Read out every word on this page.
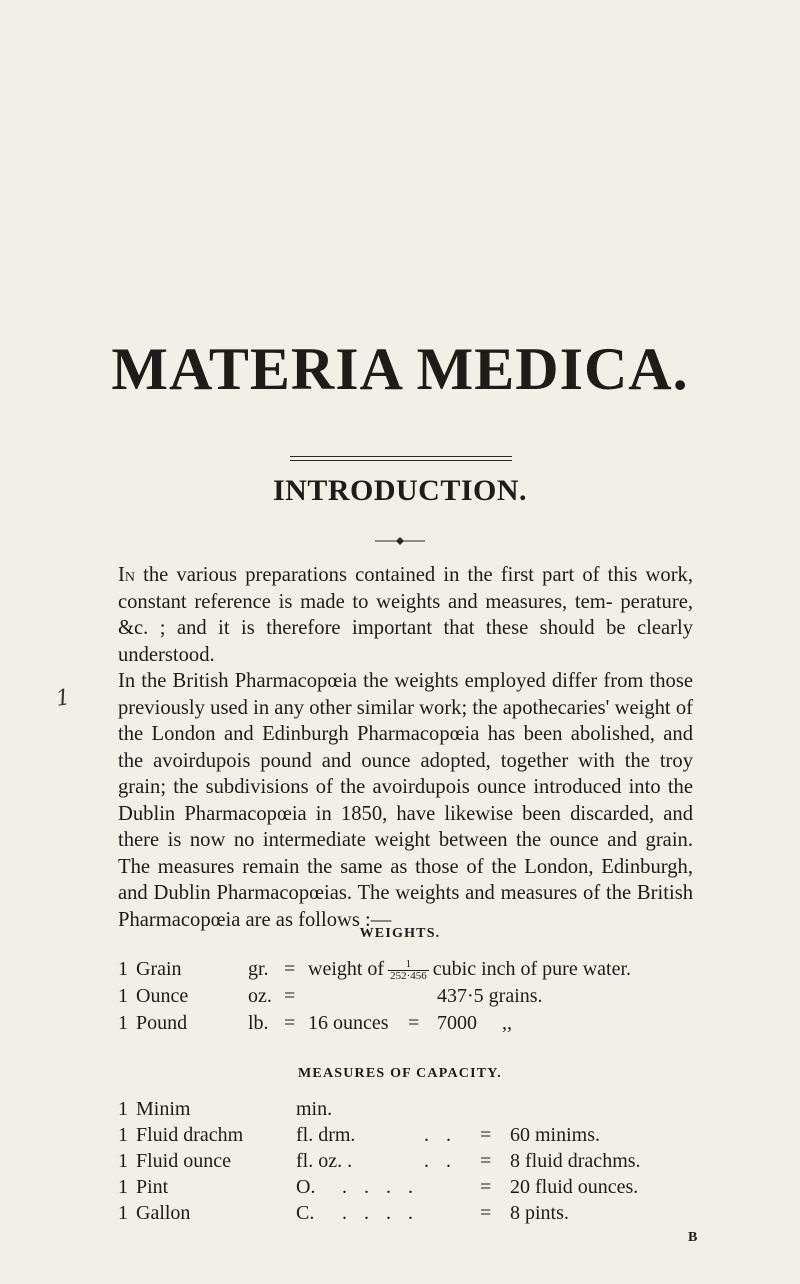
MATERIA MEDICA.
INTRODUCTION.

In the various preparations contained in the first part of this work, constant reference is made to weights and measures, tem- perature, &c. ; and it is therefore important that these should be clearly understood.

In the British Pharmacopœia the weights employed differ from those previously used in any other similar work; the apothecaries' weight of the London and Edinburgh Pharmacopœia has been abolished, and the avoirdupois pound and ounce adopted, together with the troy grain; the subdivisions of the avoirdupois ounce introduced into the Dublin Pharmacopœia in 1850, have likewise been discarded, and there is now no intermediate weight between the ounce and grain. The measures remain the same as those of the London, Edinburgh, and Dublin Pharmacopœias. The weights and measures of the British Pharmacopœia are as follows :—

WEIGHTS.
1 Grain	gr. = weight of $\frac{1}{252\cdot 456}$ cubic inch of pure water.
1 Ounce	oz. =	437·5 grains.
1 Pound	lb. = 16 ounces = 7000 ,,
1
MEASURES OF CAPACITY.
1 Minim	min.
1 Fluid drachm	fl. drm.	. . = 60 minims.
1 Fluid ounce	fl. oz. .	. . = 8 fluid drachms.
1 Pint	O. . . . .	= 20 fluid ounces.
1 Gallon	C. . . . .	= 8 pints.
B
